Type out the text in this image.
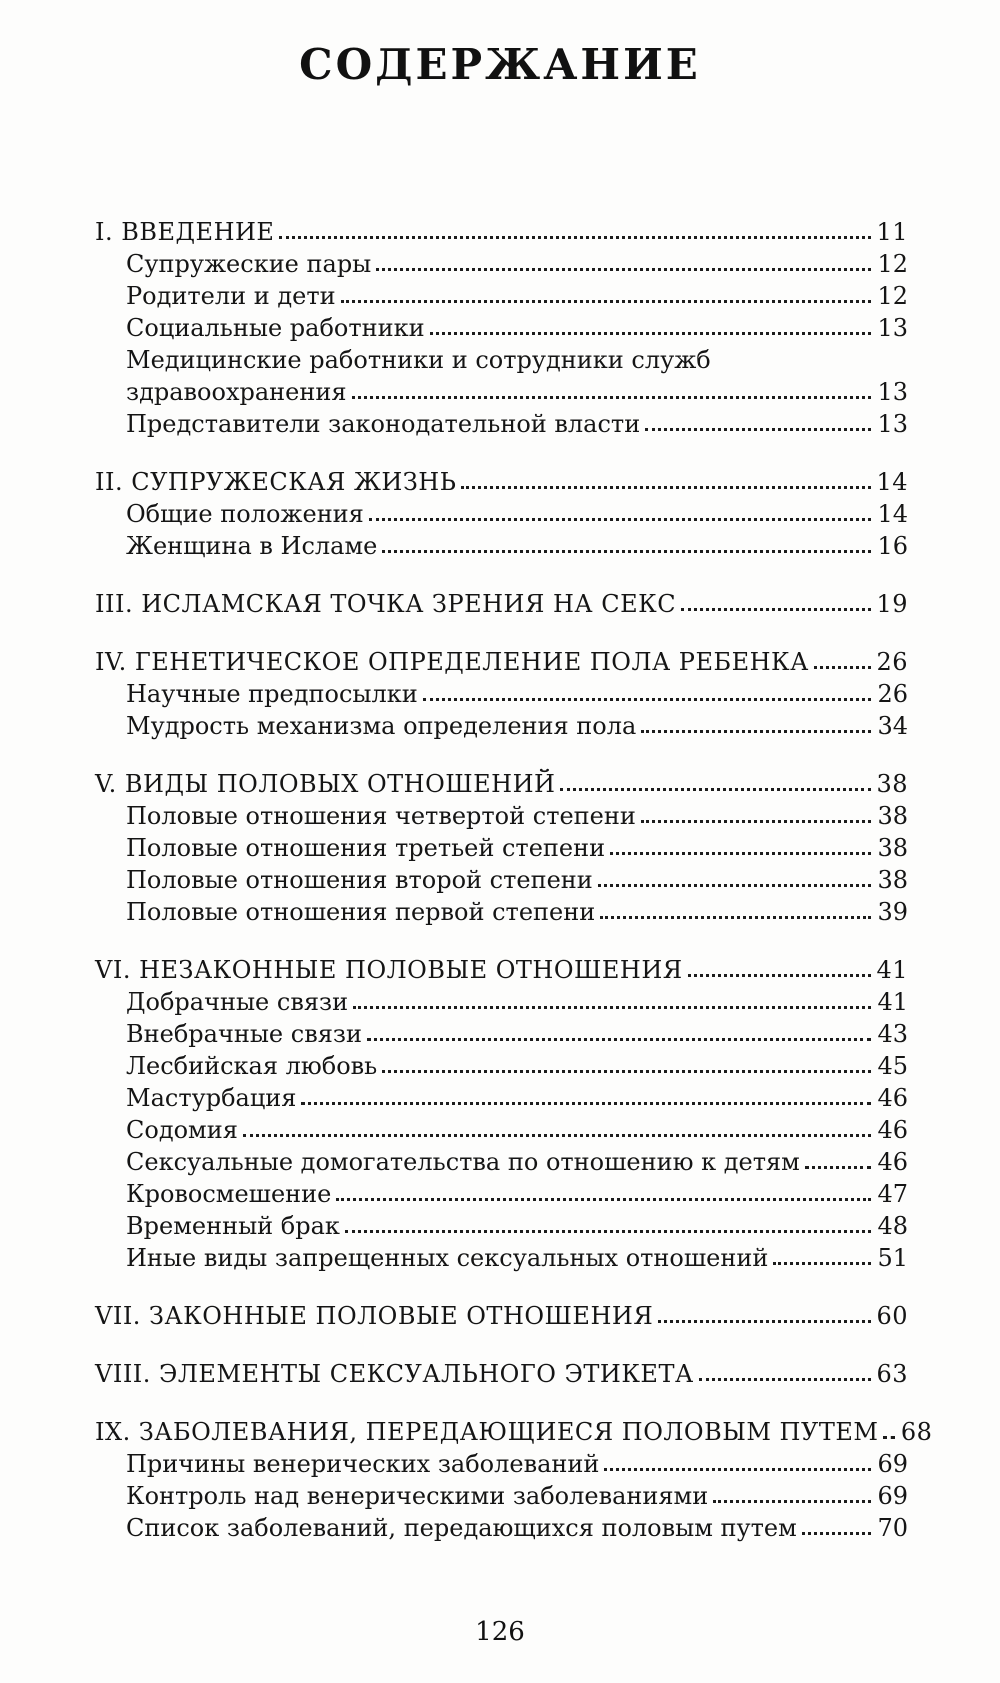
СОДЕРЖАНИЕ
I. ВВЕДЕНИЕ	11
Супружеские пары	12
Родители и дети	12
Социальные работники	13
Медицинские работники и сотрудники служб
здравоохранения	13
Представители законодательной власти	13
II. СУПРУЖЕСКАЯ ЖИЗНЬ	14
Общие положения	14
Женщина в Исламе	16
III. ИСЛАМСКАЯ ТОЧКА ЗРЕНИЯ НА СЕКС	19
IV. ГЕНЕТИЧЕСКОЕ ОПРЕДЕЛЕНИЕ ПОЛА РЕБЕНКА	26
Научные предпосылки	26
Мудрость механизма определения пола	34
V. ВИДЫ ПОЛОВЫХ ОТНОШЕНИЙ	38
Половые отношения четвертой степени	38
Половые отношения третьей степени	38
Половые отношения второй степени	38
Половые отношения первой степени	39
VI. НЕЗАКОННЫЕ ПОЛОВЫЕ ОТНОШЕНИЯ	41
Добрачные связи	41
Внебрачные связи	43
Лесбийская любовь	45
Мастурбация	46
Содомия	46
Сексуальные домогательства по отношению к детям	46
Кровосмешение	47
Временный брак	48
Иные виды запрещенных сексуальных отношений	51
VII. ЗАКОННЫЕ ПОЛОВЫЕ ОТНОШЕНИЯ	60
VIII. ЭЛЕМЕНТЫ СЕКСУАЛЬНОГО ЭТИКЕТА	63
IX. ЗАБОЛЕВАНИЯ, ПЕРЕДАЮЩИЕСЯ ПОЛОВЫМ ПУТЕМ 68
Причины венерических заболеваний	69
Контроль над венерическими заболеваниями	69
Список заболеваний, передающихся половым путем	70
126
